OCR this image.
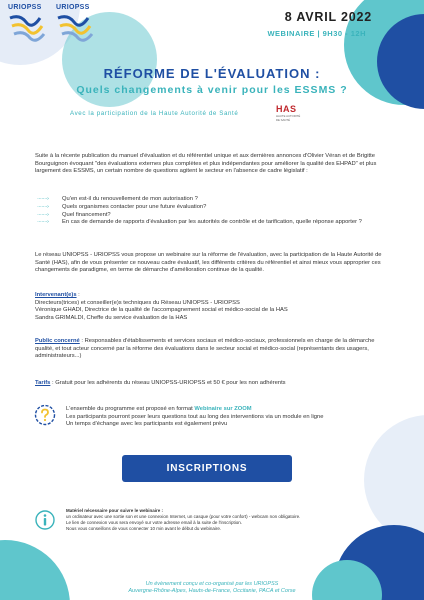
URIOPSS	URIOPSS
8 AVRIL 2022
WEBINAIRE | 9H30 - 12H
RÉFORME DE L'ÉVALUATION :
Quels changements à venir pour les ESSMS ?
Avec la participation de la Haute Autorité de Santé	HAS
HAUTE AUTORITÉ DE SANTÉ
Suite à la récente publication du manuel d'évaluation et du référentiel unique et aux dernières annonces d'Olivier Véran et de Brigitte Bourguignon évoquant "des évaluations externes plus complètes et plus indépendantes pour améliorer la qualité des EHPAD" et plus largement des ESSMS, un certain nombre de questions agitent le secteur en l'absence de cadre législatif :
·······› Qu'en est-il du renouvellement de mon autorisation ?
·······› Quels organismes contacter pour une future évaluation?
·······› Quel financement?
·······› En cas de demande de rapports d'évaluation par les autorités de contrôle et de tarification, quelle réponse apporter ?
Le réseau UNIOPSS - URIOPSS vous propose un webinaire sur la réforme de l'évaluation, avec la participation de la Haute Autorité de Santé (HAS), afin de vous présenter ce nouveau cadre évaluatif, les différents critères du référentiel et ainsi mieux vous approprier ces changements de paradigme, en terme de démarche d'amélioration continue de la qualité.
Intervenant(e)s :
Directeurs(trices) et conseiller(e)s techniques du Réseau UNIOPSS - URIOPSS
Véronique GHADI, Directrice de la qualité de l'accompagnement social et médico-social de la HAS
Sandra GRIMALDI, Cheffe du service évaluation de la HAS
Public concerné : Responsables d'établissements et services sociaux et médico-sociaux, professionnels en charge de la démarche qualité, et tout acteur concerné par la réforme des évaluations dans le secteur social et médico-social (représentants des usagers, administrateurs...)
Tarifs : Gratuit pour les adhérents du réseau UNIOPSS-URIOPSS et 50 € pour les non adhérents
L'ensemble du programme est proposé en format Webinaire sur ZOOM
Les participants pourront poser leurs questions tout au long des interventions via un module en ligne
Un temps d'échange avec les participants est également prévu
INSCRIPTIONS
Matériel nécessaire pour suivre le webinaire :
un ordinateur avec une sortie son et une connexion Internet, un casque (pour votre confort) - webcam non obligatoire.
Le lien de connexion vous sera envoyé sur votre adresse email à la suite de l'inscription.
Nous vous conseillons de vous connecter 10 min avant le début du webinaire.
Un évènement conçu et co-organisé par les URIOPSS
Auvergne-Rhône-Alpes, Hauts-de-France, Occitanie, PACA et Corse
